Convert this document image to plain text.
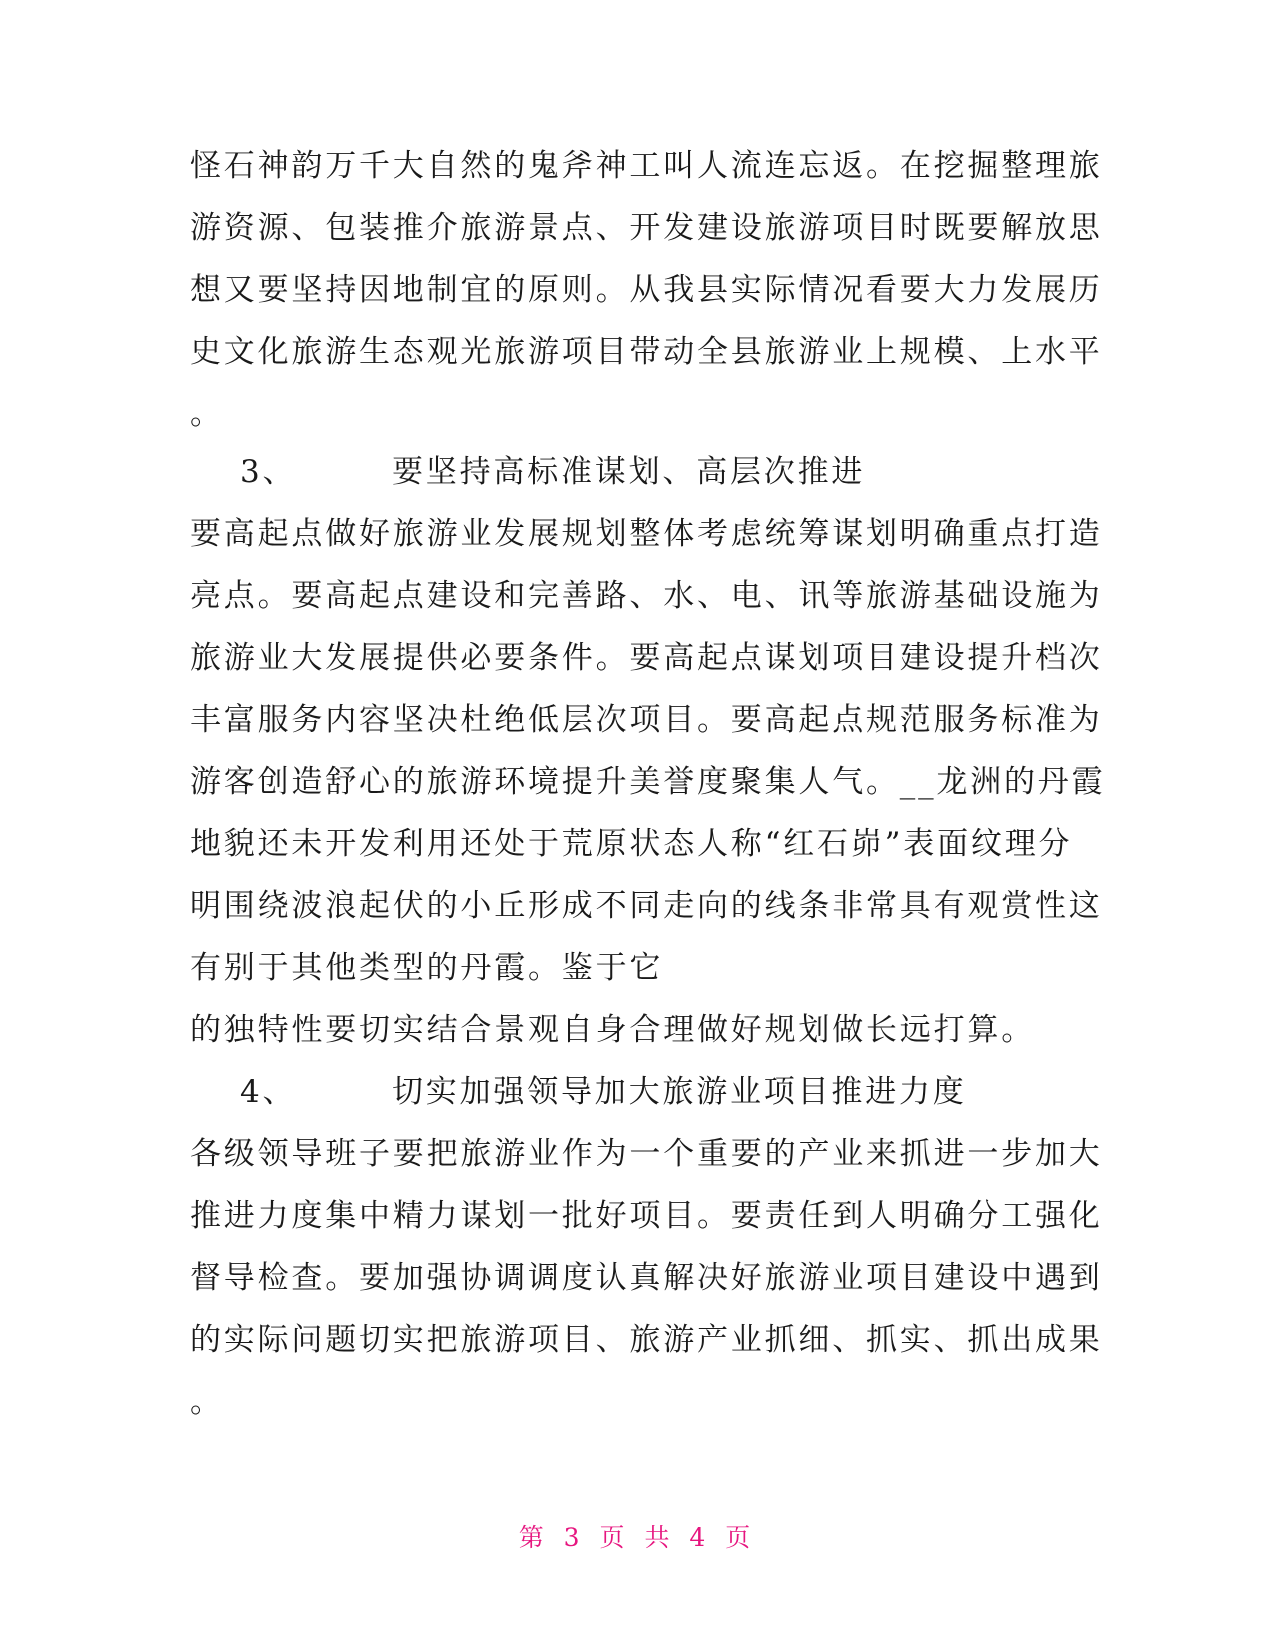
怪石神韵万千大自然的鬼斧神工叫人流连忘返。在挖掘整理旅
游资源、包装推介旅游景点、开发建设旅游项目时既要解放思
想又要坚持因地制宜的原则。从我县实际情况看要大力发展历
史文化旅游生态观光旅游项目带动全县旅游业上规模、上水平
。
3、	要坚持高标准谋划、高层次推进
要高起点做好旅游业发展规划整体考虑统筹谋划明确重点打造
亮点。要高起点建设和完善路、水、电、讯等旅游基础设施为
旅游业大发展提供必要条件。要高起点谋划项目建设提升档次
丰富服务内容坚决杜绝低层次项目。要高起点规范服务标准为
游客创造舒心的旅游环境提升美誉度聚集人气。__龙洲的丹霞
地貌还未开发利用还处于荒原状态人称“红石峁”表面纹理分
明围绕波浪起伏的小丘形成不同走向的线条非常具有观赏性这
有别于其他类型的丹霞。鉴于它
的独特性要切实结合景观自身合理做好规划做长远打算。
4、	切实加强领导加大旅游业项目推进力度
各级领导班子要把旅游业作为一个重要的产业来抓进一步加大
推进力度集中精力谋划一批好项目。要责任到人明确分工强化
督导检查。要加强协调调度认真解决好旅游业项目建设中遇到
的实际问题切实把旅游项目、旅游产业抓细、抓实、抓出成果
。
第 3 页 共 4 页
